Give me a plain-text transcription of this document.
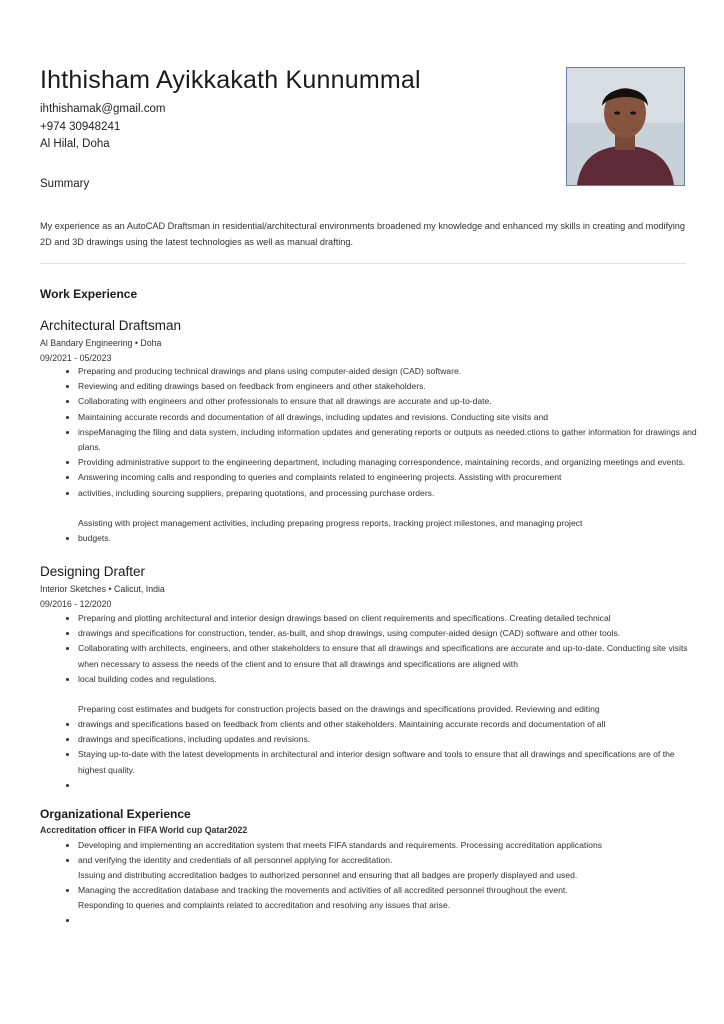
Ihthisham Ayikkakath Kunnummal
ihthishamak@gmail.com
+974 30948241
Al Hilal, Doha
Summary
My experience as an AutoCAD Draftsman in residential/architectural environments broadened my knowledge and enhanced my skills in creating and modifying 2D and 3D drawings using the latest technologies as well as manual drafting.
Work Experience
Architectural Draftsman
Al Bandary Engineering • Doha
09/2021 - 05/2023
• Preparing and producing technical drawings and plans using computer-aided design (CAD) software.
• Reviewing and editing drawings based on feedback from engineers and other stakeholders.
• Collaborating with engineers and other professionals to ensure that all drawings are accurate and up-to-date.
• Maintaining accurate records and documentation of all drawings, including updates and revisions. Conducting site visits and
• inspeManaging the filing and data system, including information updates and generating reports or outputs as needed.ctions to gather information for drawings and plans.
• Providing administrative support to the engineering department, including managing correspondence, maintaining records, and organizing meetings and events.
• Answering incoming calls and responding to queries and complaints related to engineering projects. Assisting with procurement
• activities, including sourcing suppliers, preparing quotations, and processing purchase orders.
Assisting with project management activities, including preparing progress reports, tracking project milestones, and managing project
• budgets.
Designing Drafter
Interior Sketches • Calicut, India
09/2016 - 12/2020
• Preparing and plotting architectural and interior design drawings based on client requirements and specifications. Creating detailed technical
• drawings and specifications for construction, tender, as-built, and shop drawings, using computer-aided design (CAD) software and other tools.
• Collaborating with architects, engineers, and other stakeholders to ensure that all drawings and specifications are accurate and up-to-date. Conducting site visits when necessary to assess the needs of the client and to ensure that all drawings and specifications are aligned with
• local building codes and regulations.
Preparing cost estimates and budgets for construction projects based on the drawings and specifications provided. Reviewing and editing
• drawings and specifications based on feedback from clients and other stakeholders. Maintaining accurate records and documentation of all
• drawings and specifications, including updates and revisions.
• Staying up-to-date with the latest developments in architectural and interior design software and tools to ensure that all drawings and specifications are of the highest quality.
•
Organizational Experience
Accreditation officer in FIFA World cup Qatar2022
• Developing and implementing an accreditation system that meets FIFA standards and requirements. Processing accreditation applications
• and verifying the identity and credentials of all personnel applying for accreditation.
Issuing and distributing accreditation badges to authorized personnel and ensuring that all badges are properly displayed and used.
• Managing the accreditation database and tracking the movements and activities of all accredited personnel throughout the event.
Responding to queries and complaints related to accreditation and resolving any issues that arise.
•
